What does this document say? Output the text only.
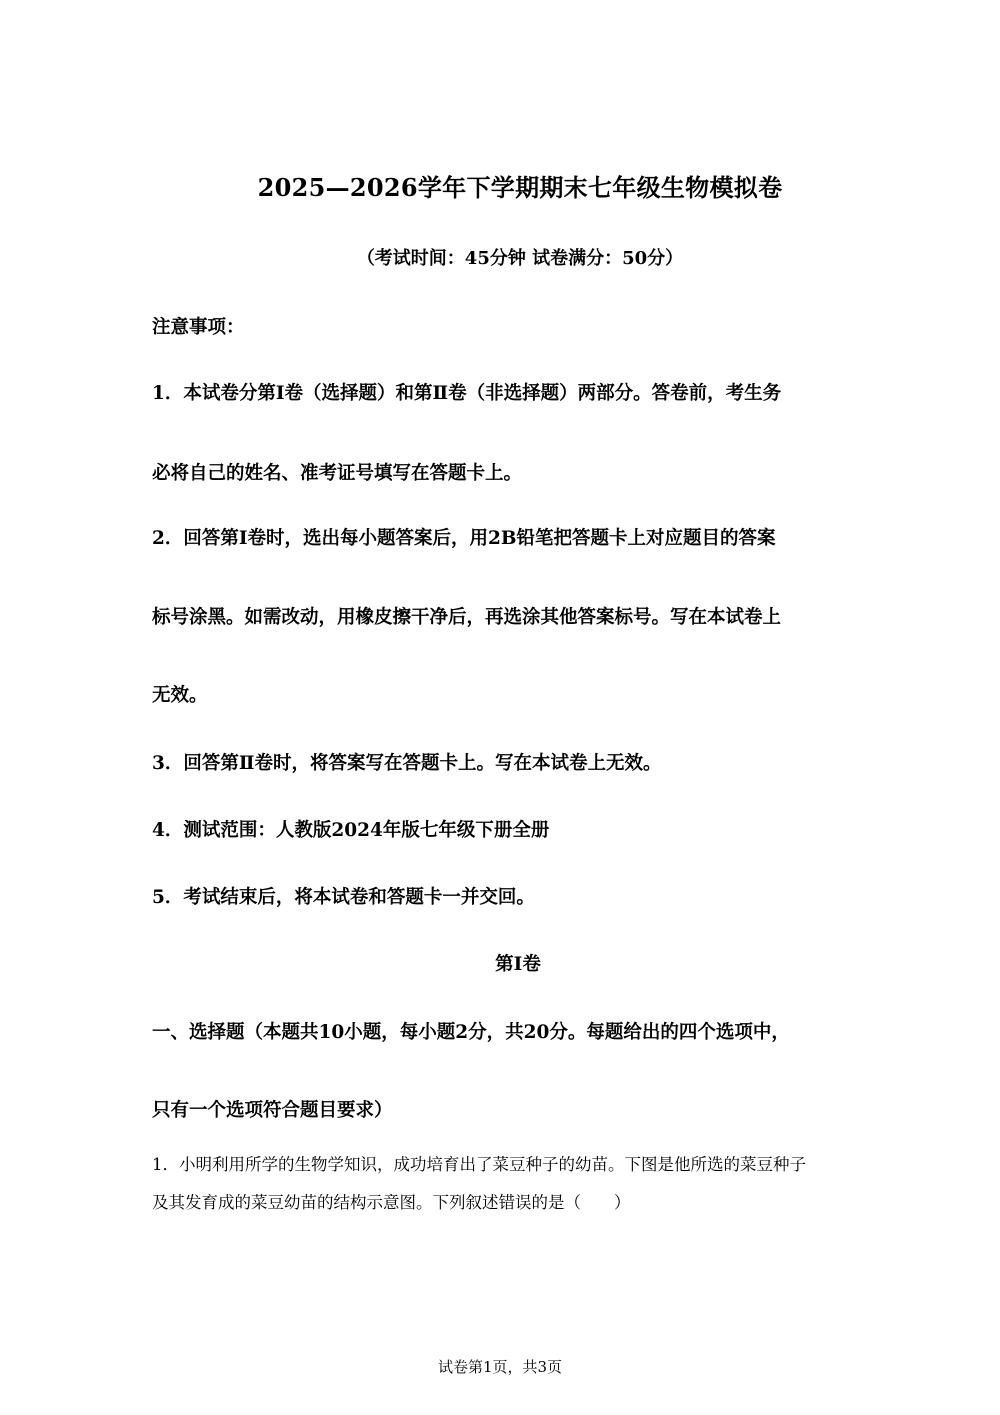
2025—2026学年下学期期末七年级生物模拟卷
（考试时间：45分钟 试卷满分：50分）
注意事项：
1．本试卷分第Ⅰ卷（选择题）和第Ⅱ卷（非选择题）两部分。答卷前，考生务
必将自己的姓名、准考证号填写在答题卡上。
2．回答第Ⅰ卷时，选出每小题答案后，用2B铅笔把答题卡上对应题目的答案
标号涂黑。如需改动，用橡皮擦干净后，再选涂其他答案标号。写在本试卷上
无效。
3．回答第Ⅱ卷时，将答案写在答题卡上。写在本试卷上无效。
4．测试范围：人教版2024年版七年级下册全册
5．考试结束后，将本试卷和答题卡一并交回。
第Ⅰ卷
一、选择题（本题共10小题，每小题2分，共20分。每题给出的四个选项中，
只有一个选项符合题目要求）
1．小明利用所学的生物学知识，成功培育出了菜豆种子的幼苗。下图是他所选的菜豆种子
及其发育成的菜豆幼苗的结构示意图。下列叙述错误的是（　　）
试卷第1页，共3页
